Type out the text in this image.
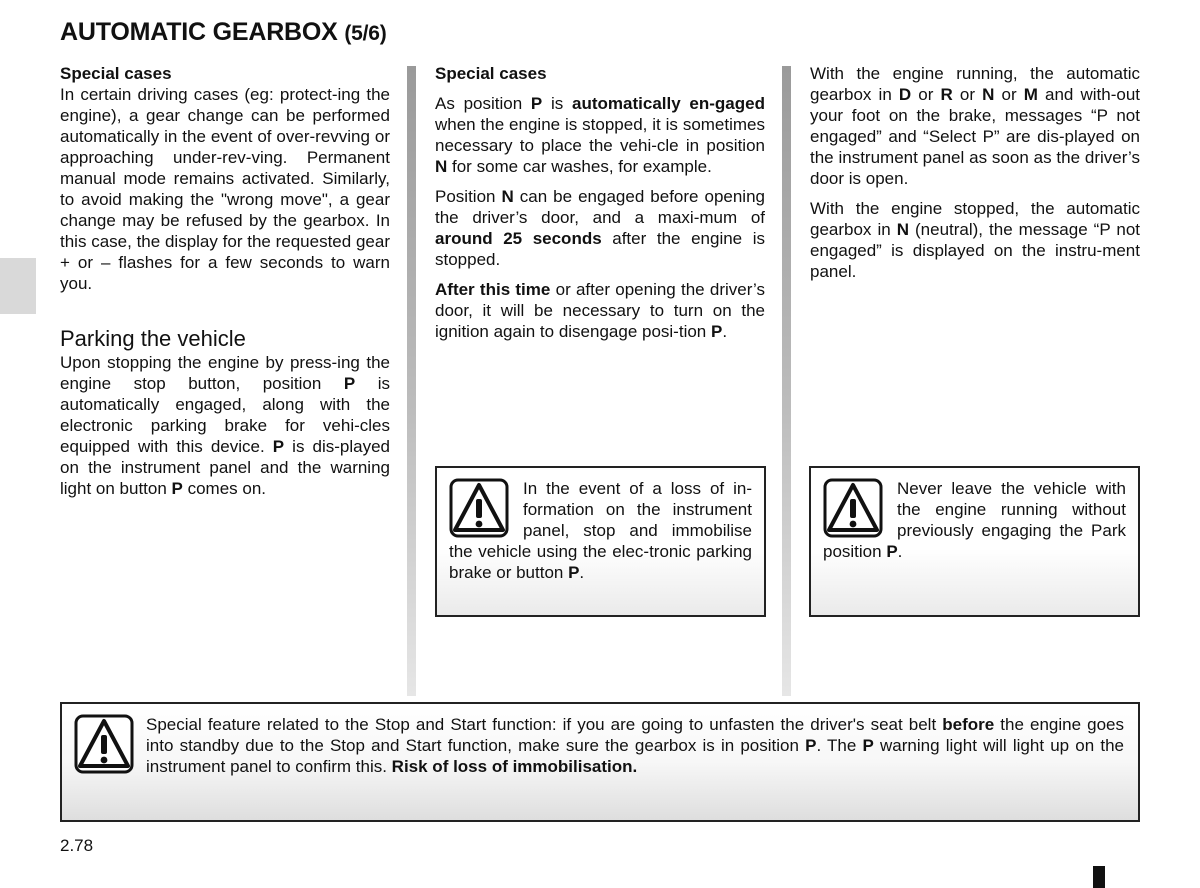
AUTOMATIC GEARBOX (5/6)
Special cases

In certain driving cases (eg: protect-ing the engine), a gear change can be performed automatically in the event of over-revving or approaching under-rev-ving. Permanent manual mode remains activated. Similarly, to avoid making the "wrong move", a gear change may be refused by the gearbox. In this case, the display for the requested gear + or – flashes for a few seconds to warn you.

Parking the vehicle

Upon stopping the engine by press-ing the engine stop button, position P is automatically engaged, along with the electronic parking brake for vehi-cles equipped with this device. P is dis-played on the instrument panel and the warning light on button P comes on.

Special cases

As position P is automatically en-gaged when the engine is stopped, it is sometimes necessary to place the vehi-cle in position N for some car washes, for example.

Position N can be engaged before opening the driver’s door, and a maxi-mum of around 25 seconds after the engine is stopped.

After this time or after opening the driver’s door, it will be necessary to turn on the ignition again to disengage posi-tion P.

In the event of a loss of in-formation on the instrument panel, stop and immobilise the vehicle using the elec-tronic parking brake or button P.

With the engine running, the automatic gearbox in D or R or N or M and with-out your foot on the brake, messages “P not engaged” and “Select P” are dis-played on the instrument panel as soon as the driver’s door is open.

With the engine stopped, the automatic gearbox in N (neutral), the message “P not engaged” is displayed on the instru-ment panel.

Never leave the vehicle with the engine running without previously engaging the Park position P.
Special feature related to the Stop and Start function: if you are going to unfasten the driver's seat belt before the engine goes into standby due to the Stop and Start function, make sure the gearbox is in position P. The P warning light will light up on the instrument panel to confirm this. Risk of loss of immobilisation.
2.78
